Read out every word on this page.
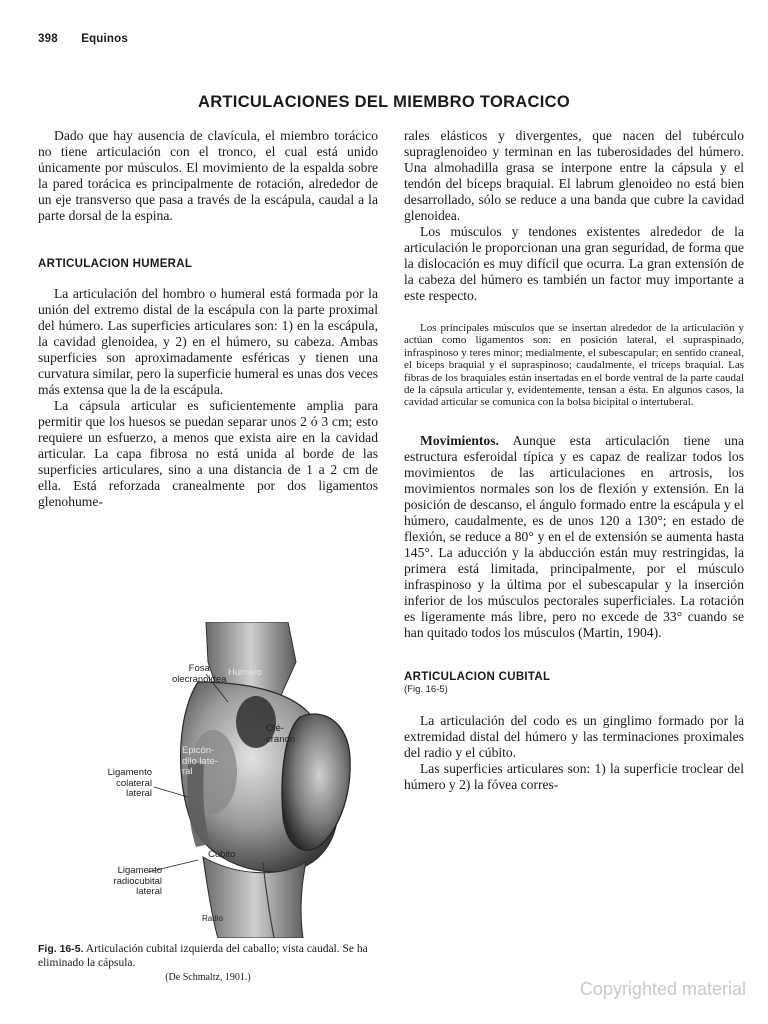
398 Equinos
ARTICULACIONES DEL MIEMBRO TORACICO

Dado que hay ausencia de clavícula, el miembro torácico no tiene articulación con el tronco, el cual está unido únicamente por músculos. El movimiento de la espalda sobre la pared torácica es principalmente de rotación, alrededor de un eje transverso que pasa a través de la escápula, caudal a la parte dorsal de la espina.

ARTICULACION HUMERAL

La articulación del hombro o humeral está formada por la unión del extremo distal de la escápula con la parte proximal del húmero. Las superficies articulares son: 1) en la escápula, la cavidad glenoidea, y 2) en el húmero, su cabeza. Ambas superficies son aproximadamente esféricas y tienen una curvatura similar, pero la superficie humeral es unas dos veces más extensa que la de la escápula.

La cápsula articular es suficientemente amplia para permitir que los huesos se puedan separar unos 2 ó 3 cm; esto requiere un esfuerzo, a menos que exista aire en la cavidad articular. La capa fibrosa no está unida al borde de las superficies articulares, sino a una distancia de 1 a 2 cm de ella. Está reforzada cranealmente por dos ligamentos glenohume-

Fosa
olecranoidea
Húmero
Olé-
cranon
Epicón-dilo late-ral
Ligamento
colateral
lateral
Cúbito
Ligamento
radiocubital
lateral
Radio
Fig. 16-5. Articulación cubital izquierda del caballo; vista caudal. Se ha eliminado la cápsula.
(De Schmaltz, 1901.)

rales elásticos y divergentes, que nacen del tubérculo supraglenoideo y terminan en las tuberosidades del húmero. Una almohadilla grasa se interpone entre la cápsula y el tendón del bíceps braquial. El labrum glenoideo no está bien desarrollado, sólo se reduce a una banda que cubre la cavidad glenoidea.

Los músculos y tendones existentes alrededor de la articulación le proporcionan una gran seguridad, de forma que la dislocación es muy difícil que ocurra. La gran extensión de la cabeza del húmero es también un factor muy importante a este respecto.

Los principales músculos que se insertan alrededor de la articulación y actúan como ligamentos son: en posición lateral, el supraspinado, infraspinoso y teres minor; medialmente, el subescapular; en sentido craneal, el bíceps braquial y el supraspinoso; caudalmente, el tríceps braquial. Las fibras de los braquiales están insertadas en el borde ventral de la parte caudal de la cápsula articular y, evidentemente, tensan a ésta. En algunos casos, la cavidad articular se comunica con la bolsa bicipital o intertuberal.

Movimientos. Aunque esta articulación tiene una estructura esferoidal típica y es capaz de realizar todos los movimientos de las articulaciones en artrosis, los movimientos normales son los de flexión y extensión. En la posición de descanso, el ángulo formado entre la escápula y el húmero, caudalmente, es de unos 120 a 130°; en estado de flexión, se reduce a 80° y en el de extensión se aumenta hasta 145°. La aducción y la abducción están muy restringidas, la primera está limitada, principalmente, por el músculo infraspinoso y la última por el subescapular y la inserción inferior de los músculos pectorales superficiales. La rotación es ligeramente más libre, pero no excede de 33° cuando se han quitado todos los músculos (Martin, 1904).

ARTICULACION CUBITAL
(Fig. 16-5)

La articulación del codo es un ginglimo formado por la extremidad distal del húmero y las terminaciones proximales del radio y el cúbito.

Las superficies articulares son: 1) la superficie troclear del húmero y 2) la fóvea corres-

Copyrighted material
